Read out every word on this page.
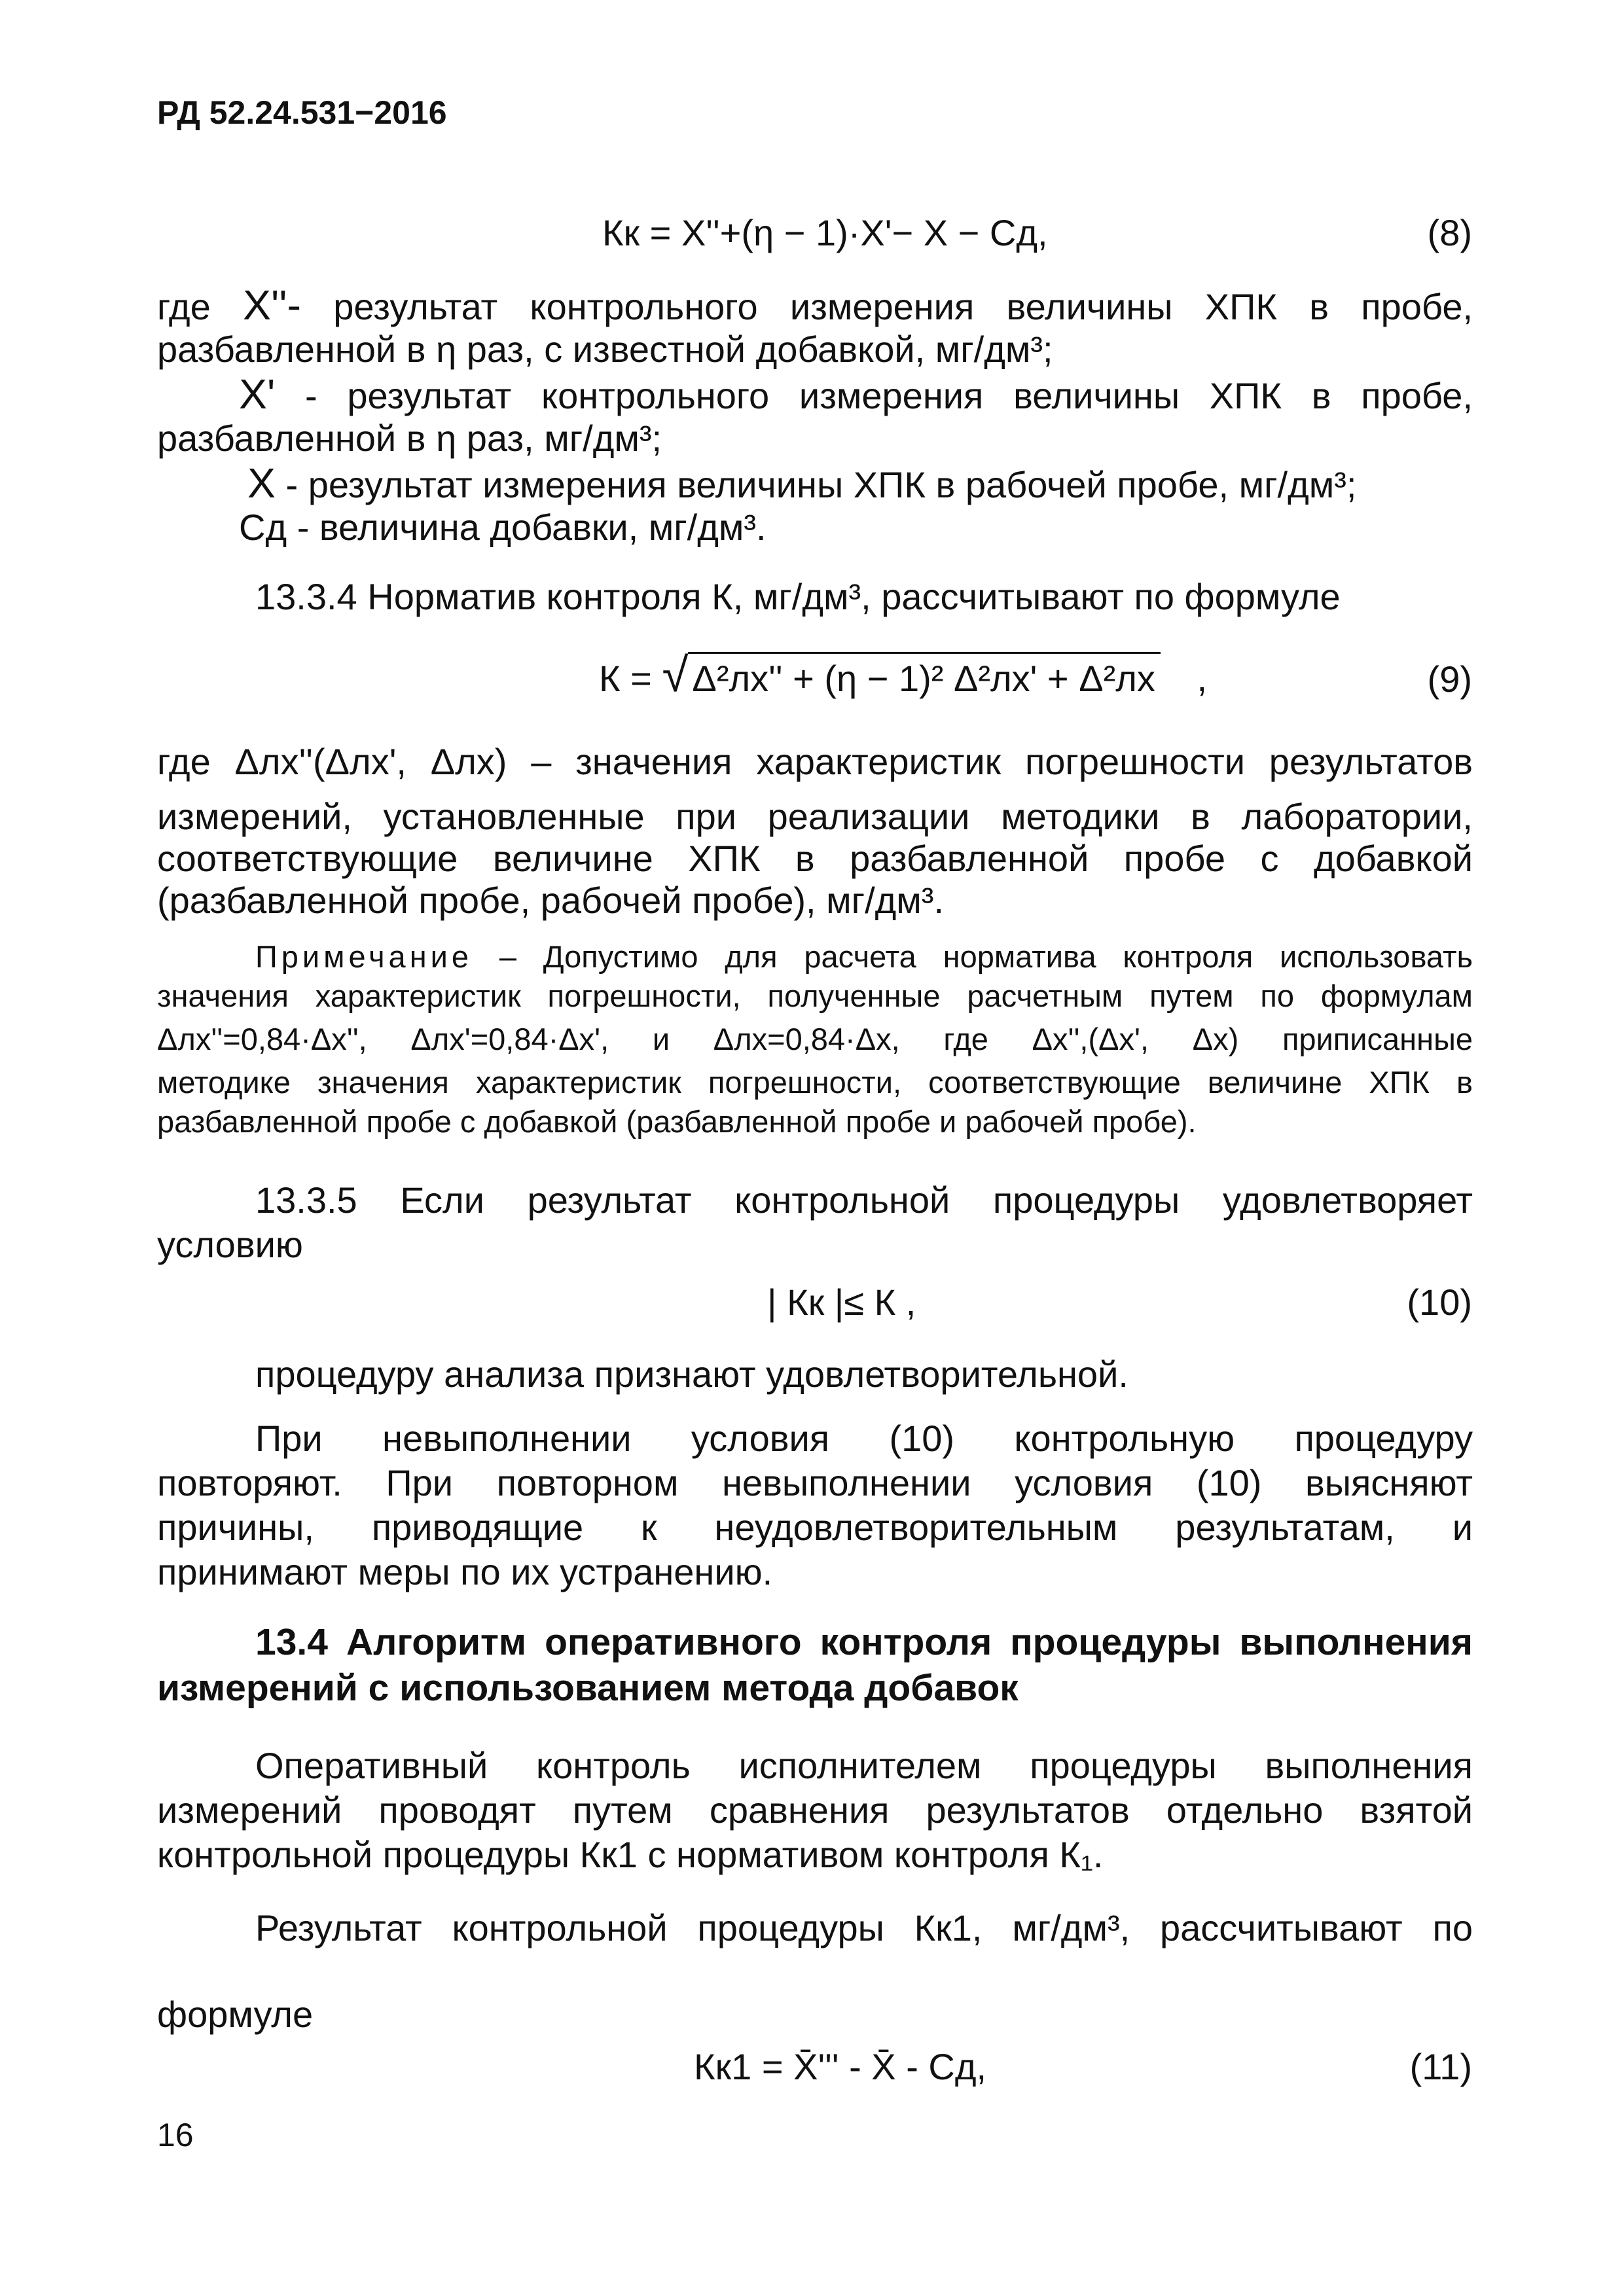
РД 52.24.531−2016
Кк = Х''+(η − 1)·Х'− Х − Сд,	(8)
где Х''- результат контрольного измерения величины ХПК в пробе,
разбавленной в η раз, с известной добавкой, мг/дм³;
Х' - результат контрольного измерения величины ХПК в пробе,
разбавленной в η раз, мг/дм³;
Х - результат измерения величины ХПК в рабочей пробе, мг/дм³;
Сд - величина добавки, мг/дм³.
13.3.4 Норматив контроля К, мг/дм³, рассчитывают по формуле
К = √ Δ²лх'' + (η − 1)² Δ²лх' + Δ²лх ,	(9)
где Δлх''(Δлх', Δлх) – значения характеристик погрешности результатов
измерений, установленные при реализации методики в лаборатории,
соответствующие величине ХПК в разбавленной пробе с добавкой
(разбавленной пробе, рабочей пробе), мг/дм³.
Примечание – Допустимо для расчета норматива контроля использовать
значения характеристик погрешности, полученные расчетным путем по формулам
Δлх''=0,84·Δх'', Δлх'=0,84·Δх', и Δлх=0,84·Δх, где Δх'',(Δх', Δх) приписанные
методике значения характеристик погрешности, соответствующие величине ХПК в
разбавленной пробе с добавкой (разбавленной пробе и рабочей пробе).
13.3.5 Если результат контрольной процедуры удовлетворяет
условию
| Кк |≤ К ,	(10)
процедуру анализа признают удовлетворительной.
При невыполнении условия (10) контрольную процедуру
повторяют. При повторном невыполнении условия (10) выясняют
причины, приводящие к неудовлетворительным результатам, и
принимают меры по их устранению.
13.4 Алгоритм оперативного контроля процедуры выполнения
измерений с использованием метода добавок
Оперативный контроль исполнителем процедуры выполнения
измерений проводят путем сравнения результатов отдельно взятой
контрольной процедуры Кк1 с нормативом контроля К₁.
Результат контрольной процедуры Кк1, мг/дм³, рассчитывают по
формуле
Кк1 = X̄''' - X̄ - Сд,	(11)
16
